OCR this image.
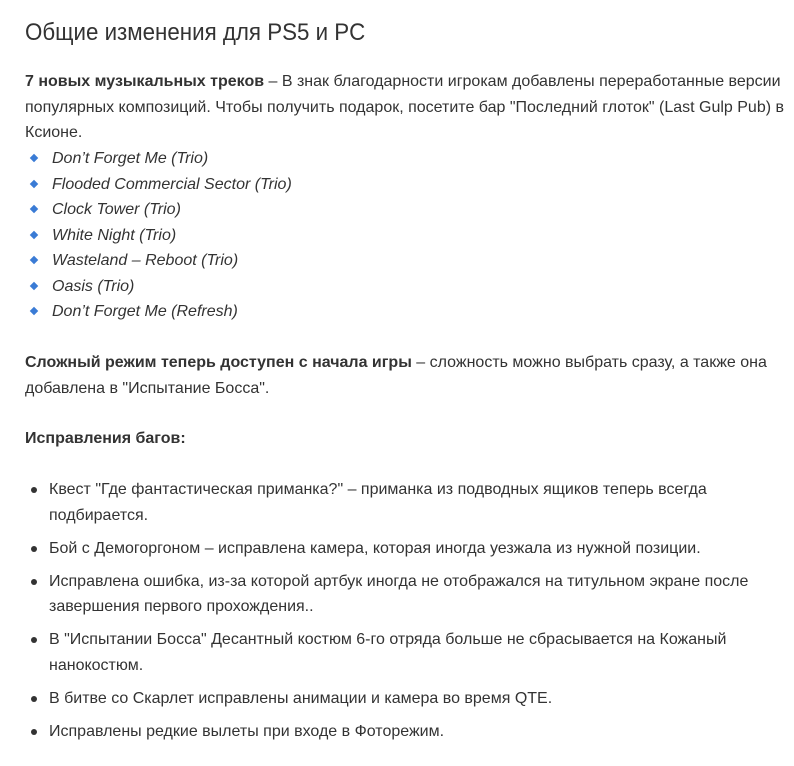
Общие изменения для PS5 и PC

7 новых музыкальных треков – В знак благодарности игрокам добавлены переработанные версии популярных композиций. Чтобы получить подарок, посетите бар "Последний глоток" (Last Gulp Pub) в Ксионе.

Don’t Forget Me (Trio)
Flooded Commercial Sector (Trio)
Clock Tower (Trio)
White Night (Trio)
Wasteland – Reboot (Trio)
Oasis (Trio)
Don’t Forget Me (Refresh)

Сложный режим теперь доступен с начала игры – сложность можно выбрать сразу, а также она добавлена в "Испытание Босса".

Исправления багов:

Квест "Где фантастическая приманка?" – приманка из подводных ящиков теперь всегда подбирается.
Бой с Демогоргоном – исправлена камера, которая иногда уезжала из нужной позиции.
Исправлена ошибка, из-за которой артбук иногда не отображался на титульном экране после завершения первого прохождения..
В "Испытании Босса" Десантный костюм 6-го отряда больше не сбрасывается на Кожаный нанокостюм.
В битве со Скарлет исправлены анимации и камера во время QTE.
Исправлены редкие вылеты при входе в Фоторежим.
